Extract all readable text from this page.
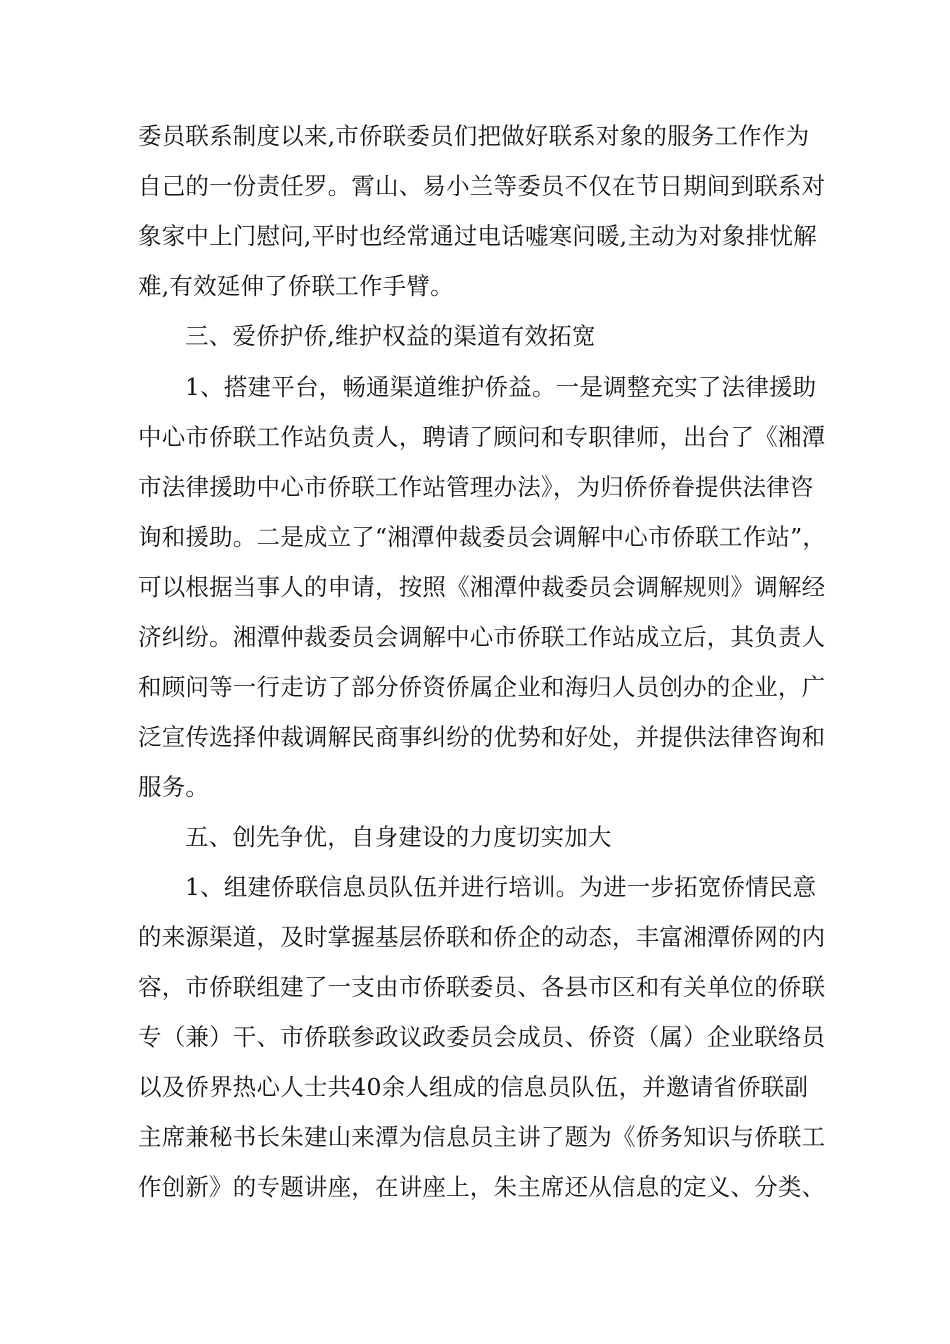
委员联系制度以来,市侨联委员们把做好联系对象的服务工作作为
自己的一份责任罗。霄山、易小兰等委员不仅在节日期间到联系对
象家中上门慰问,平时也经常通过电话嘘寒问暖,主动为对象排忧解
难,有效延伸了侨联工作手臂。
三、爱侨护侨,维护权益的渠道有效拓宽
1、搭建平台，畅通渠道维护侨益。一是调整充实了法律援助
中心市侨联工作站负责人，聘请了顾问和专职律师，出台了《湘潭
市法律援助中心市侨联工作站管理办法》，为归侨侨眷提供法律咨
询和援助。二是成立了“湘潭仲裁委员会调解中心市侨联工作站”，
可以根据当事人的申请，按照《湘潭仲裁委员会调解规则》调解经
济纠纷。湘潭仲裁委员会调解中心市侨联工作站成立后，其负责人
和顾问等一行走访了部分侨资侨属企业和海归人员创办的企业，广
泛宣传选择仲裁调解民商事纠纷的优势和好处，并提供法律咨询和
服务。
五、创先争优，自身建设的力度切实加大
1、组建侨联信息员队伍并进行培训。为进一步拓宽侨情民意
的来源渠道，及时掌握基层侨联和侨企的动态，丰富湘潭侨网的内
容，市侨联组建了一支由市侨联委员、各县市区和有关单位的侨联
专（兼）干、市侨联参政议政委员会成员、侨资（属）企业联络员
以及侨界热心人士共40余人组成的信息员队伍，并邀请省侨联副
主席兼秘书长朱建山来潭为信息员主讲了题为《侨务知识与侨联工
作创新》的专题讲座，在讲座上，朱主席还从信息的定义、分类、
